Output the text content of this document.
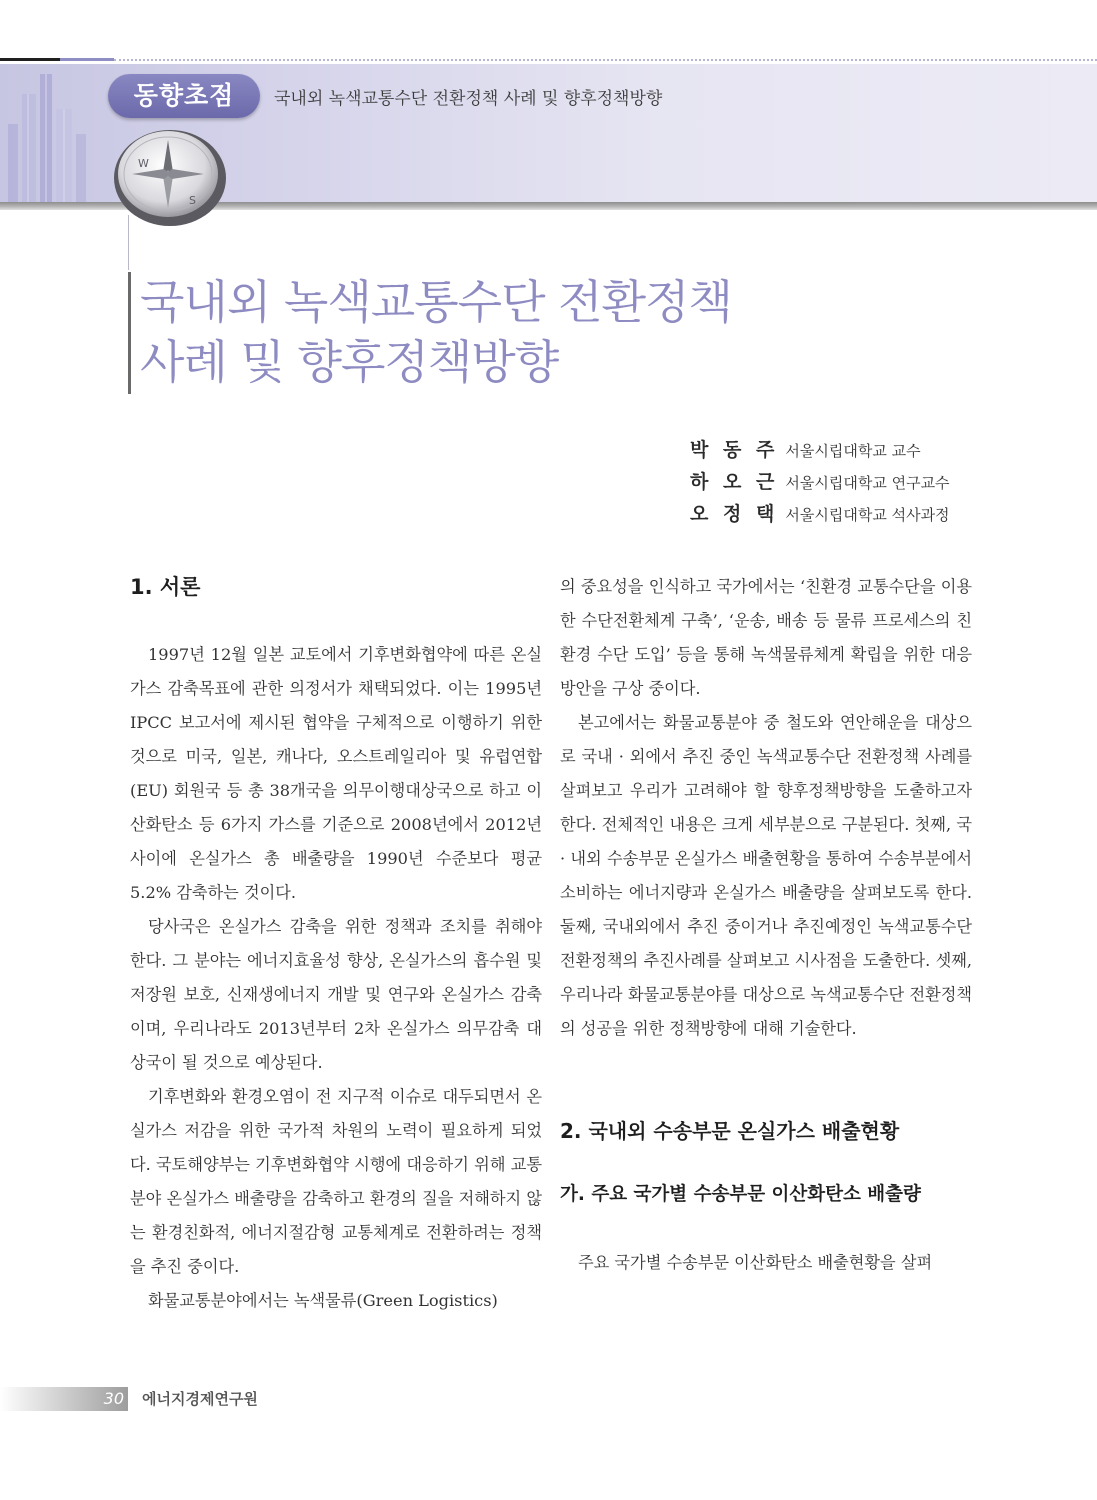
동향초점	국내외 녹색교통수단 전환정책 사례 및 향후정책방향
W
S
국내외 녹색교통수단 전환정책
사례 및 향후정책방향
박 동 주 서울시립대학교 교수
하 오 근 서울시립대학교 연구교수
오 정 택 서울시립대학교 석사과정
1. 서론

1997년 12월 일본 교토에서 기후변화협약에 따른 온실가스 감축목표에 관한 의정서가 채택되었다. 이는 1995년 IPCC 보고서에 제시된 협약을 구체적으로 이행하기 위한 것으로 미국, 일본, 캐나다, 오스트레일리아 및 유럽연합(EU) 회원국 등 총 38개국을 의무이행대상국으로 하고 이산화탄소 등 6가지 가스를 기준으로 2008년에서 2012년 사이에 온실가스 총 배출량을 1990년 수준보다 평균 5.2% 감축하는 것이다.

당사국은 온실가스 감축을 위한 정책과 조치를 취해야 한다. 그 분야는 에너지효율성 향상, 온실가스의 흡수원 및 저장원 보호, 신재생에너지 개발 및 연구와 온실가스 감축이며, 우리나라도 2013년부터 2차 온실가스 의무감축 대상국이 될 것으로 예상된다.

기후변화와 환경오염이 전 지구적 이슈로 대두되면서 온실가스 저감을 위한 국가적 차원의 노력이 필요하게 되었다. 국토해양부는 기후변화협약 시행에 대응하기 위해 교통분야 온실가스 배출량을 감축하고 환경의 질을 저해하지 않는 환경친화적, 에너지절감형 교통체계로 전환하려는 정책을 추진 중이다.

화물교통분야에서는 녹색물류(Green Logistics)

의 중요성을 인식하고 국가에서는 ‘친환경 교통수단을 이용한 수단전환체계 구축’, ‘운송, 배송 등 물류 프로세스의 친환경 수단 도입’ 등을 통해 녹색물류체계 확립을 위한 대응방안을 구상 중이다.

본고에서는 화물교통분야 중 철도와 연안해운을 대상으로 국내 · 외에서 추진 중인 녹색교통수단 전환정책 사례를 살펴보고 우리가 고려해야 할 향후정책방향을 도출하고자 한다. 전체적인 내용은 크게 세부분으로 구분된다. 첫째, 국 · 내외 수송부문 온실가스 배출현황을 통하여 수송부분에서 소비하는 에너지량과 온실가스 배출량을 살펴보도록 한다. 둘째, 국내외에서 추진 중이거나 추진예정인 녹색교통수단 전환정책의 추진사례를 살펴보고 시사점을 도출한다. 셋째, 우리나라 화물교통분야를 대상으로 녹색교통수단 전환정책의 성공을 위한 정책방향에 대해 기술한다.

2. 국내외 수송부문 온실가스 배출현황
가. 주요 국가별 수송부문 이산화탄소 배출량

주요 국가별 수송부문 이산화탄소 배출현황을 살펴

30 에너지경제연구원
